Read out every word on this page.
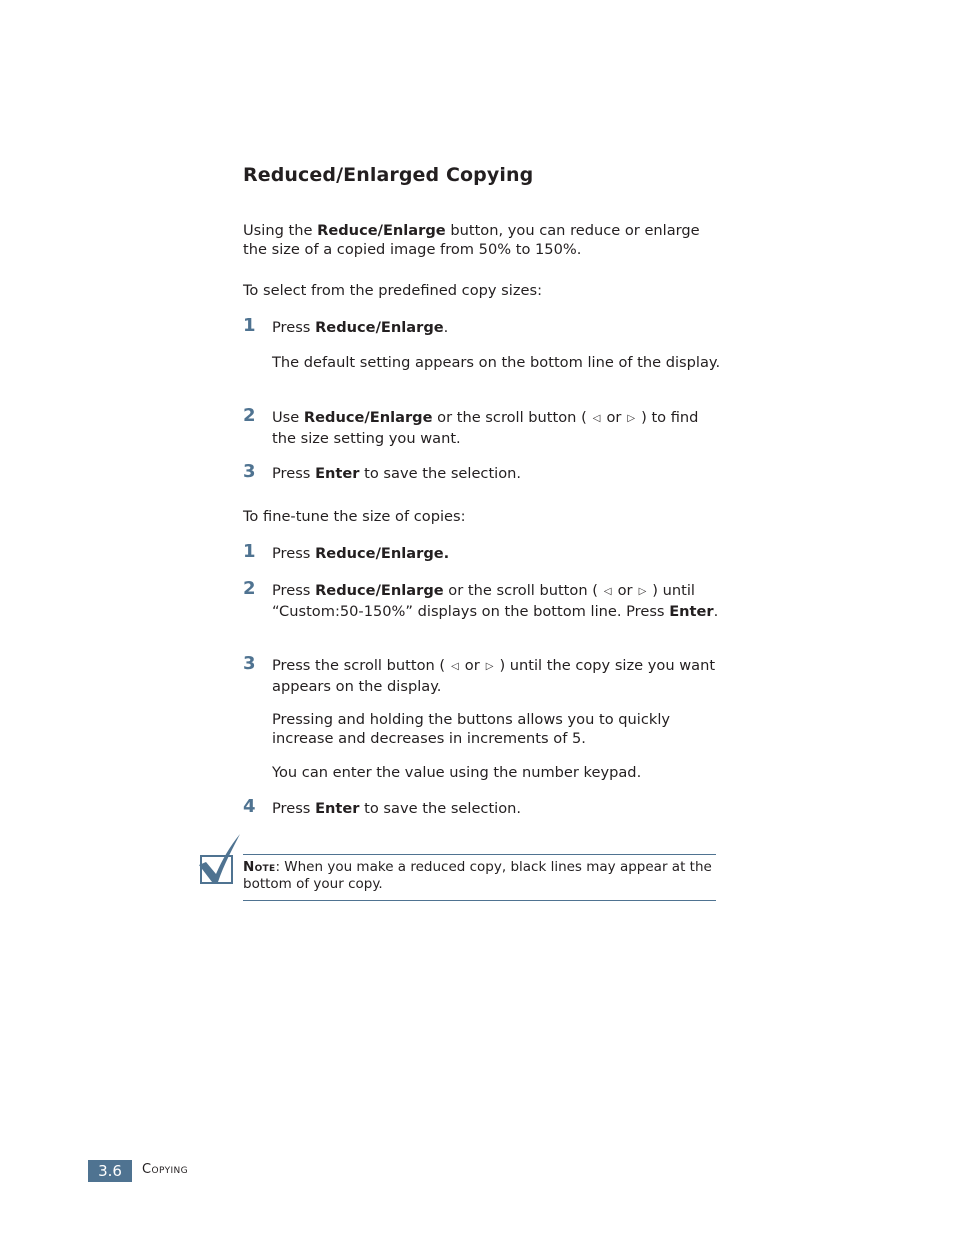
Reduced/Enlarged Copying

Using the Reduce/Enlarge button, you can reduce or enlarge the size of a copied image from 50% to 150%.

To select from the predefined copy sizes:

1 Press Reduce/Enlarge.

The default setting appears on the bottom line of the display.

2 Use Reduce/Enlarge or the scroll button ( ◁ or ▷ ) to find the size setting you want.

3 Press Enter to save the selection.

To fine-tune the size of copies:

1 Press Reduce/Enlarge.

2 Press Reduce/Enlarge or the scroll button ( ◁ or ▷ ) until “Custom:50-150%” displays on the bottom line. Press Enter.

3 Press the scroll button ( ◁ or ▷ ) until the copy size you want appears on the display.

Pressing and holding the buttons allows you to quickly increase and decreases in increments of 5.

You can enter the value using the number keypad.

4 Press Enter to save the selection.

Note: When you make a reduced copy, black lines may appear at the bottom of your copy.

3.6	Copying
